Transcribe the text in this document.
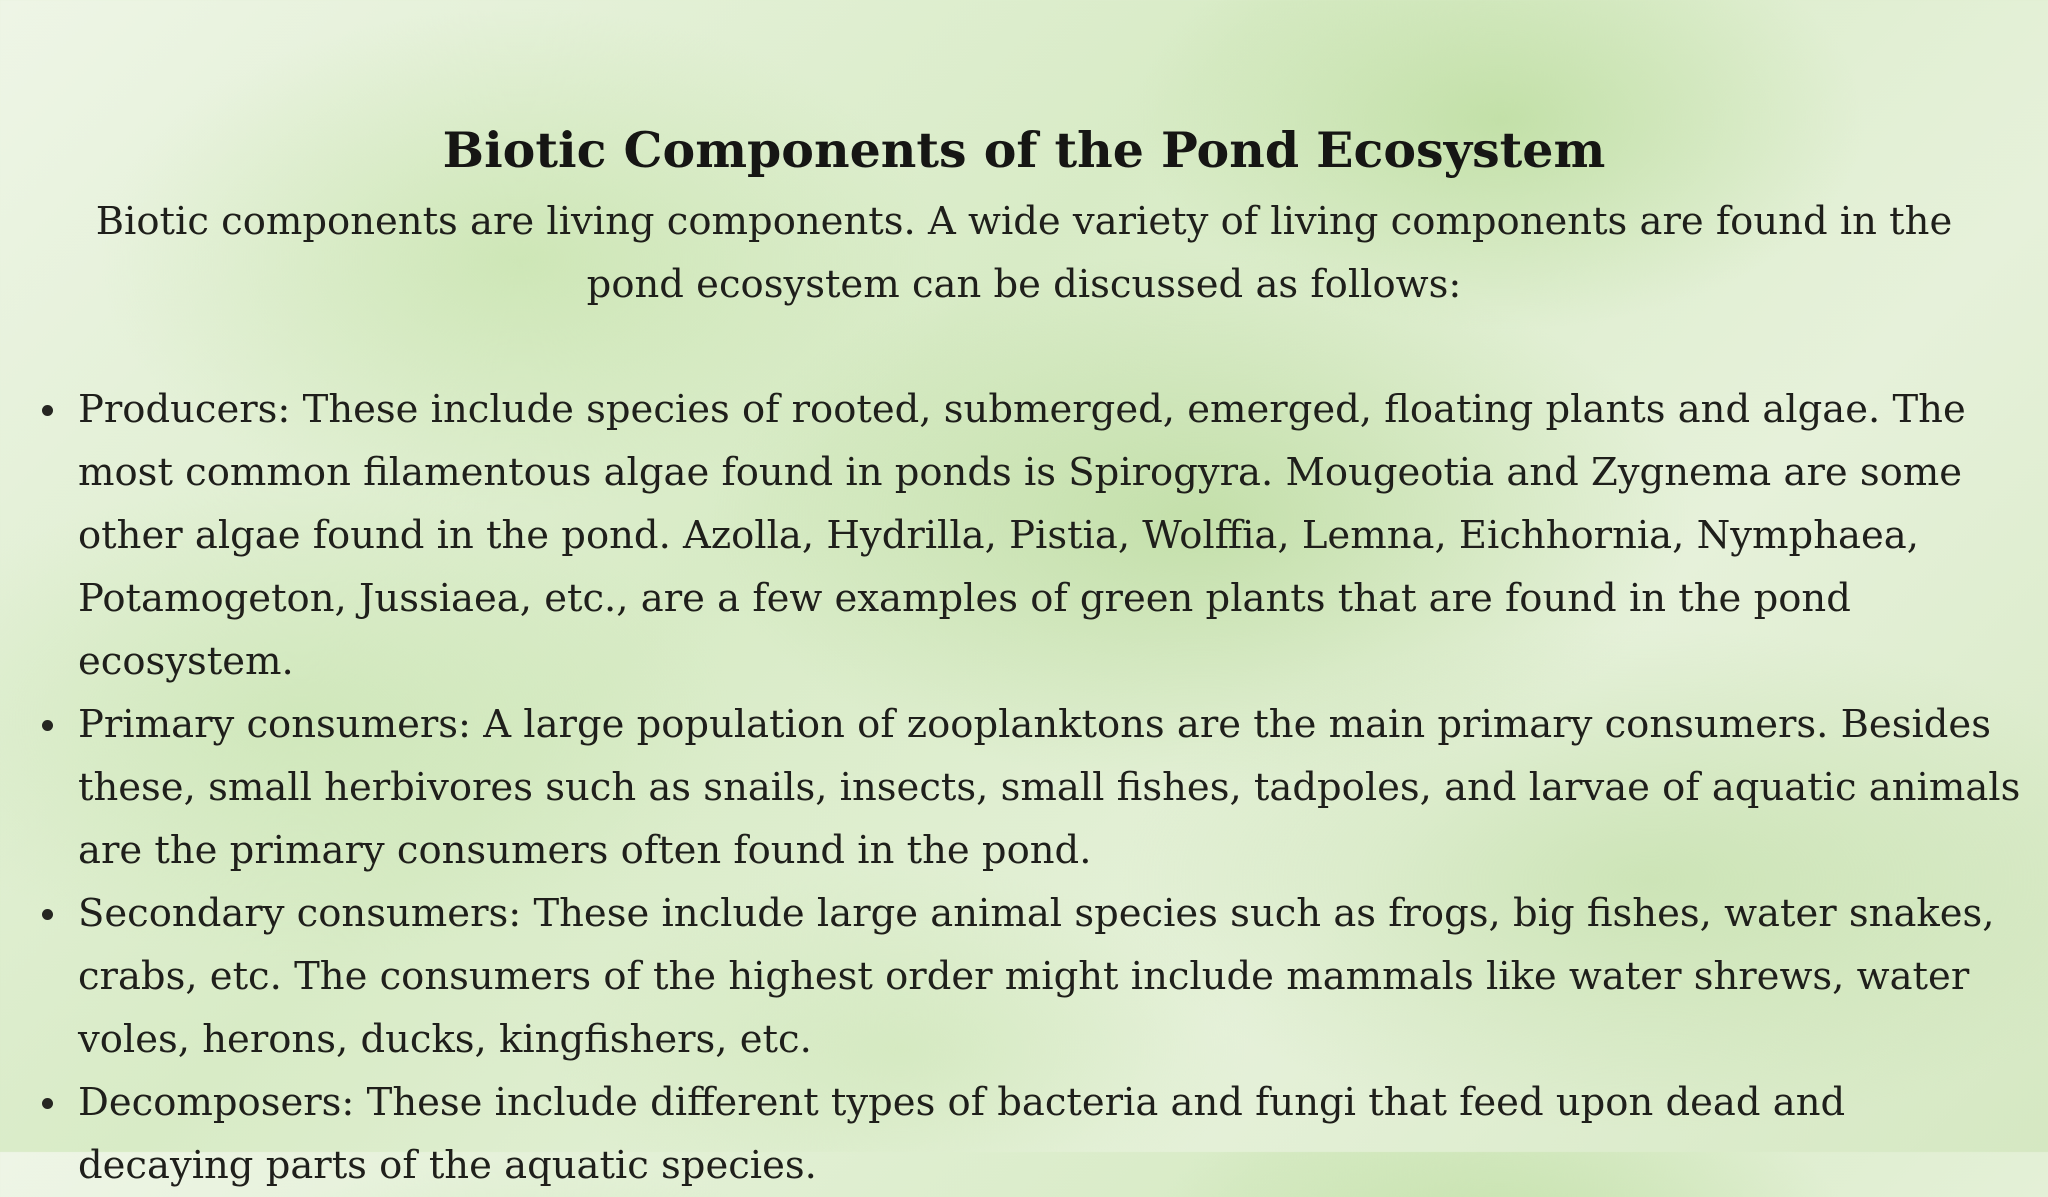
Biotic Components of the Pond Ecosystem

Biotic components are living components. A wide variety of living components are found in the pond ecosystem can be discussed as follows:

Producers: These include species of rooted, submerged, emerged, floating plants and algae. The most common filamentous algae found in ponds is Spirogyra. Mougeotia and Zygnema are some other algae found in the pond. Azolla, Hydrilla, Pistia, Wolffia, Lemna, Eichhornia, Nymphaea, Potamogeton, Jussiaea, etc., are a few examples of green plants that are found in the pond ecosystem.
Primary consumers: A large population of zooplanktons are the main primary consumers. Besides these, small herbivores such as snails, insects, small fishes, tadpoles, and larvae of aquatic animals are the primary consumers often found in the pond.
Secondary consumers: These include large animal species such as frogs, big fishes, water snakes, crabs, etc. The consumers of the highest order might include mammals like water shrews, water voles, herons, ducks, kingfishers, etc.
Decomposers: These include different types of bacteria and fungi that feed upon dead and decaying parts of the aquatic species.
